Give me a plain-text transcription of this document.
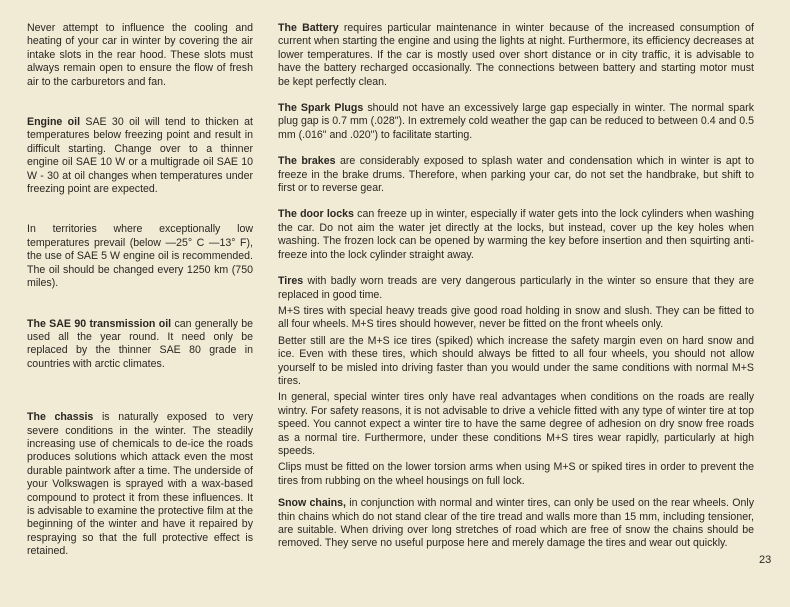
Never attempt to influence the cooling and heating of your car in winter by covering the air intake slots in the rear hood. These slots must always remain open to ensure the flow of fresh air to the carburetors and fan.

Engine oil SAE 30 oil will tend to thicken at temperatures below freezing point and result in difficult starting. Change over to a thinner engine oil SAE 10 W or a multigrade oil SAE 10 W - 30 at oil changes when temperatures under freezing point are expected.

In territories where exceptionally low temperatures prevail (below —25° C —13° F), the use of SAE 5 W engine oil is recommended. The oil should be changed every 1250 km (750 miles).

The SAE 90 transmission oil can generally be used all the year round. It need only be replaced by the thinner SAE 80 grade in countries with arctic climates.

The chassis is naturally exposed to very severe conditions in the winter. The steadily increasing use of chemicals to de-ice the roads produces solutions which attack even the most durable paintwork after a time. The underside of your Volkswagen is sprayed with a wax-based compound to protect it from these influences. It is advisable to examine the protective film at the beginning of the winter and have it repaired by respraying so that the full protective effect is retained.

The Battery requires particular maintenance in winter because of the increased consumption of current when starting the engine and using the lights at night. Furthermore, its efficiency decreases at lower temperatures. If the car is mostly used over short distance or in city traffic, it is advisable to have the battery recharged occasionally. The connections between battery and starting motor must be kept perfectly clean.

The Spark Plugs should not have an excessively large gap especially in winter. The normal spark plug gap is 0.7 mm (.028"). In extremely cold weather the gap can be reduced to between 0.4 and 0.5 mm (.016" and .020") to facilitate starting.

The brakes are considerably exposed to splash water and condensation which in winter is apt to freeze in the brake drums. Therefore, when parking your car, do not set the handbrake, but shift to first or to reverse gear.

The door locks can freeze up in winter, especially if water gets into the lock cylinders when washing the car. Do not aim the water jet directly at the locks, but instead, cover up the key holes when washing. The frozen lock can be opened by warming the key before insertion and then squirting anti-freeze into the lock cylinder straight away.

Tires with badly worn treads are very dangerous particularly in the winter so ensure that they are replaced in good time.

M+S tires with special heavy treads give good road holding in snow and slush. They can be fitted to all four wheels. M+S tires should however, never be fitted on the front wheels only.

Better still are the M+S ice tires (spiked) which increase the safety margin even on hard snow and ice. Even with these tires, which should always be fitted to all four wheels, you should not allow yourself to be misled into driving faster than you would under the same conditions with normal M+S tires.

In general, special winter tires only have real advantages when conditions on the roads are really wintry. For safety reasons, it is not advisable to drive a vehicle fitted with any type of winter tire at top speed. You cannot expect a winter tire to have the same degree of adhesion on dry snow free roads as a normal tire. Furthermore, under these conditions M+S tires wear rapidly, particularly at high speeds.

Clips must be fitted on the lower torsion arms when using M+S or spiked tires in order to prevent the tires from rubbing on the wheel housings on full lock.

Snow chains, in conjunction with normal and winter tires, can only be used on the rear wheels. Only thin chains which do not stand clear of the tire tread and walls more than 15 mm, including tensioner, are suitable. When driving over long stretches of road which are free of snow the chains should be removed. They serve no useful purpose here and merely damage the tires and wear out quickly.

23
